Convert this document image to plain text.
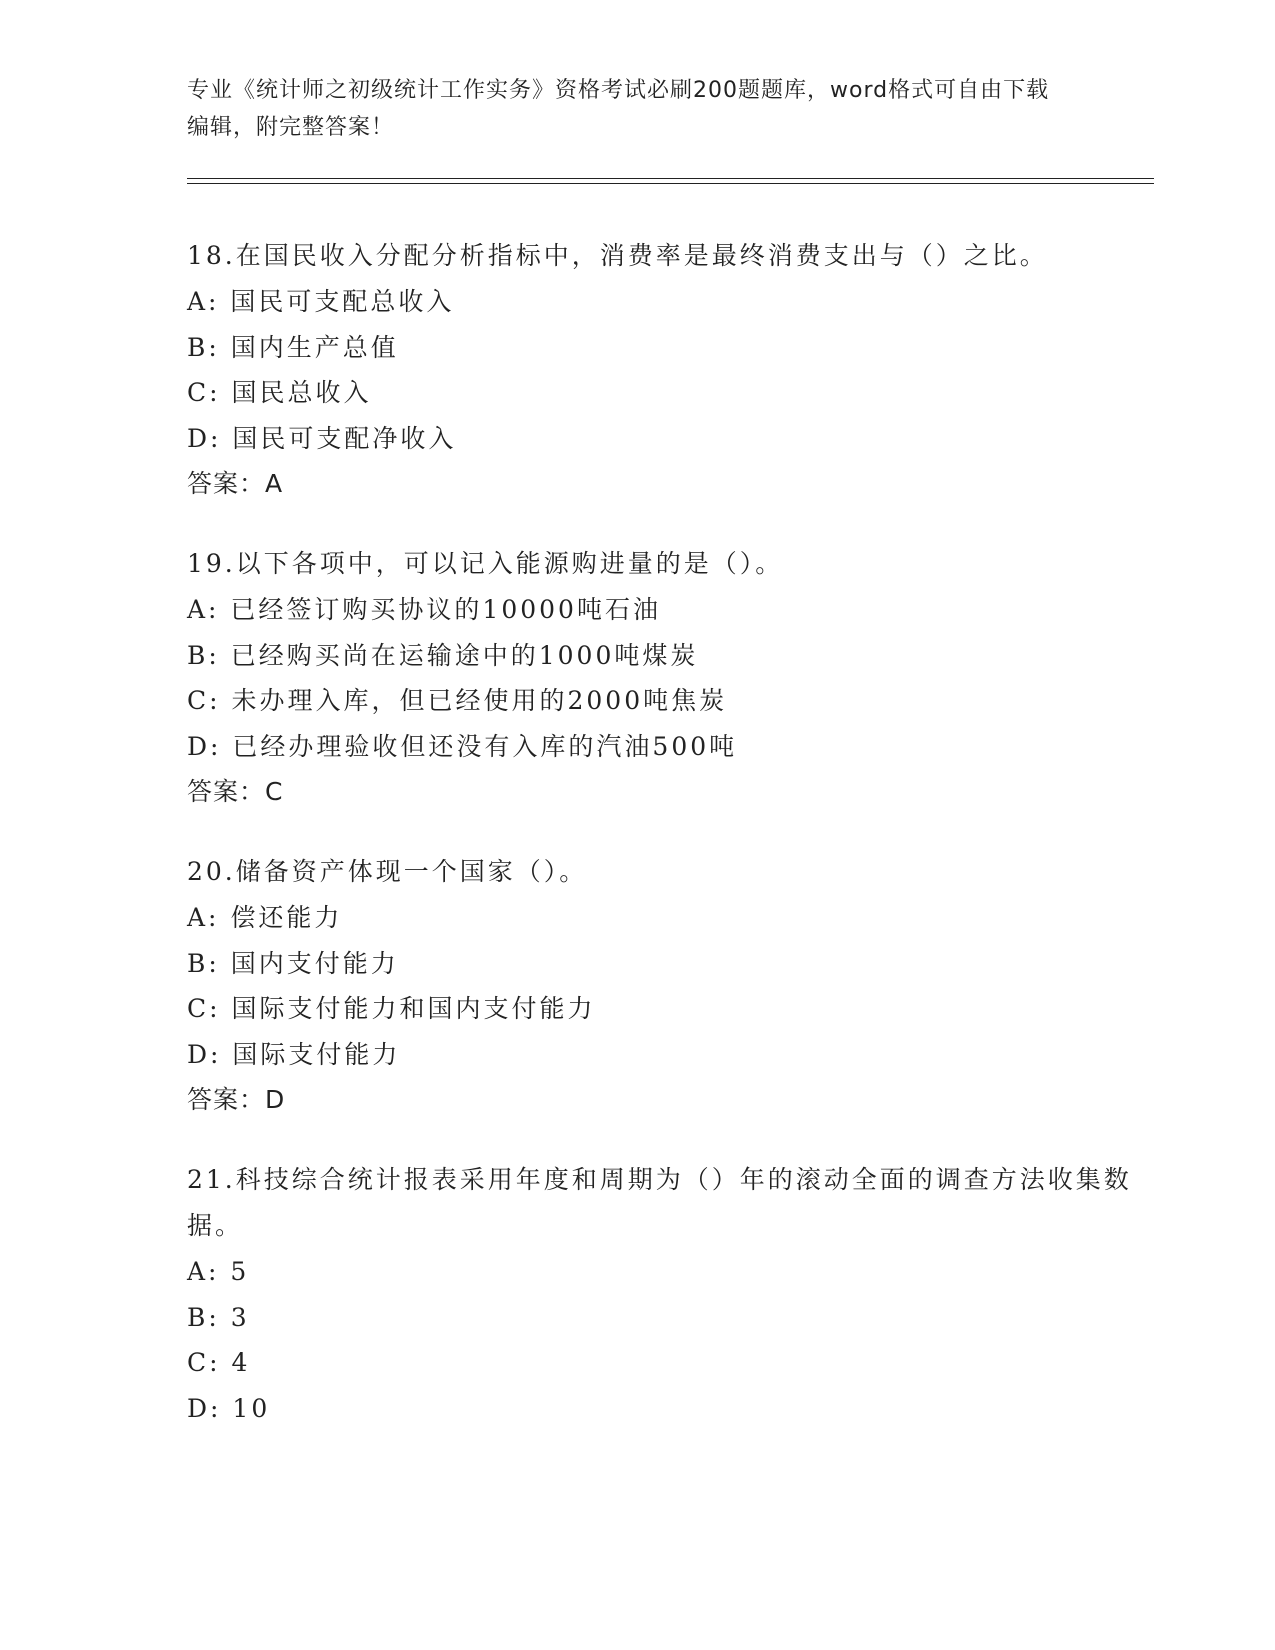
专业《统计师之初级统计工作实务》资格考试必刷200题题库，word格式可自由下载编辑，附完整答案！

18.在国民收入分配分析指标中，消费率是最终消费支出与（）之比。

A: 国民可支配总收入

B: 国内生产总值

C: 国民总收入

D: 国民可支配净收入

答案：A

19.以下各项中，可以记入能源购进量的是（）。

A: 已经签订购买协议的10000吨石油

B: 已经购买尚在运输途中的1000吨煤炭

C: 未办理入库，但已经使用的2000吨焦炭

D: 已经办理验收但还没有入库的汽油500吨

答案：C

20.储备资产体现一个国家（）。

A: 偿还能力

B: 国内支付能力

C: 国际支付能力和国内支付能力

D: 国际支付能力

答案：D

21.科技综合统计报表采用年度和周期为（）年的滚动全面的调查方法收集数据。

A: 5

B: 3

C: 4

D: 10
